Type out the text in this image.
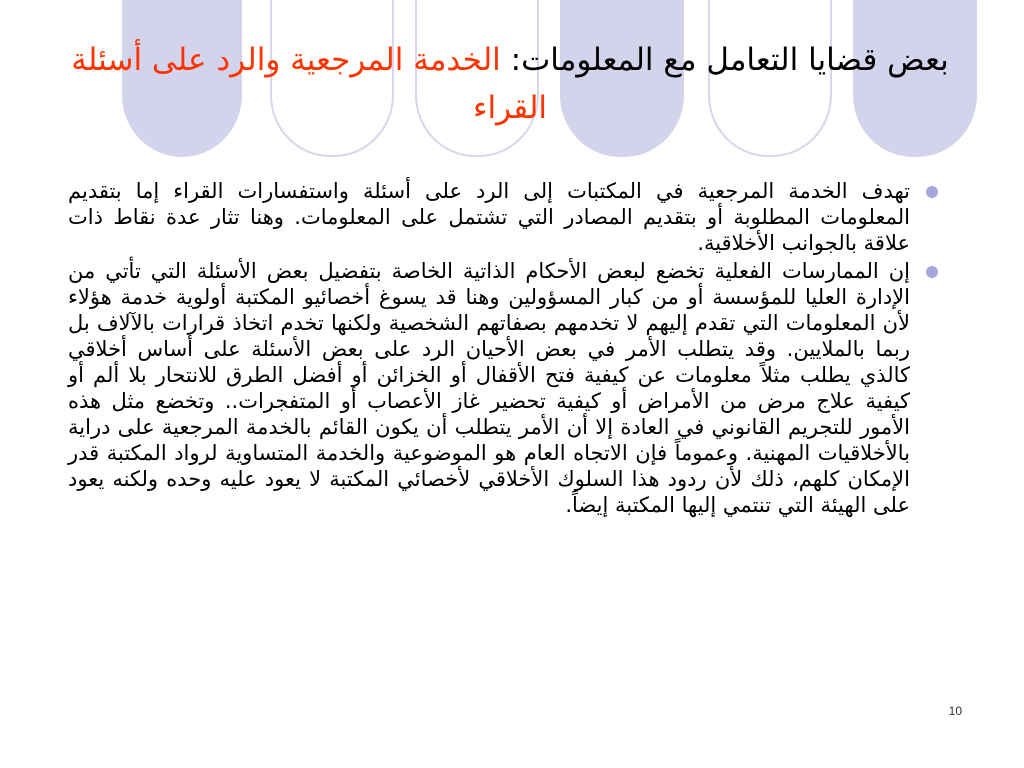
بعض قضايا التعامل مع المعلومات: الخدمة المرجعية والرد على أسئلة القراء
تهدف الخدمة المرجعية في المكتبات إلى الرد على أسئلة واستفسارات القراء إما بتقديم المعلومات المطلوبة أو بتقديم المصادر التي تشتمل على المعلومات. وهنا تثار عدة نقاط ذات علاقة بالجوانب الأخلاقية.
إن الممارسات الفعلية تخضع لبعض الأحكام الذاتية الخاصة بتفضيل بعض الأسئلة التي تأتي من الإدارة العليا للمؤسسة أو من كبار المسؤولين وهنا قد يسوغ أخصائيو المكتبة أولوية خدمة هؤلاء لأن المعلومات التي تقدم إليهم لا تخدمهم بصفاتهم الشخصية ولكنها تخدم اتخاذ قرارات بالآلاف بل ربما بالملايين. وقد يتطلب الأمر في بعض الأحيان الرد على بعض الأسئلة على أساس أخلاقي كالذي يطلب مثلاً معلومات عن كيفية فتح الأقفال أو الخزائن أو أفضل الطرق للانتحار بلا ألم أو كيفية علاج مرض من الأمراض أو كيفية تحضير غاز الأعصاب أو المتفجرات.. وتخضع مثل هذه الأمور للتجريم القانوني في العادة إلا أن الأمر يتطلب أن يكون القائم بالخدمة المرجعية على دراية بالأخلاقيات المهنية. وعموماً فإن الاتجاه العام هو الموضوعية والخدمة المتساوية لرواد المكتبة قدر الإمكان كلهم، ذلك لأن ردود هذا السلوك الأخلاقي لأخصائي المكتبة لا يعود عليه وحده ولكنه يعود على الهيئة التي تنتمي إليها المكتبة إيضاً.
10
